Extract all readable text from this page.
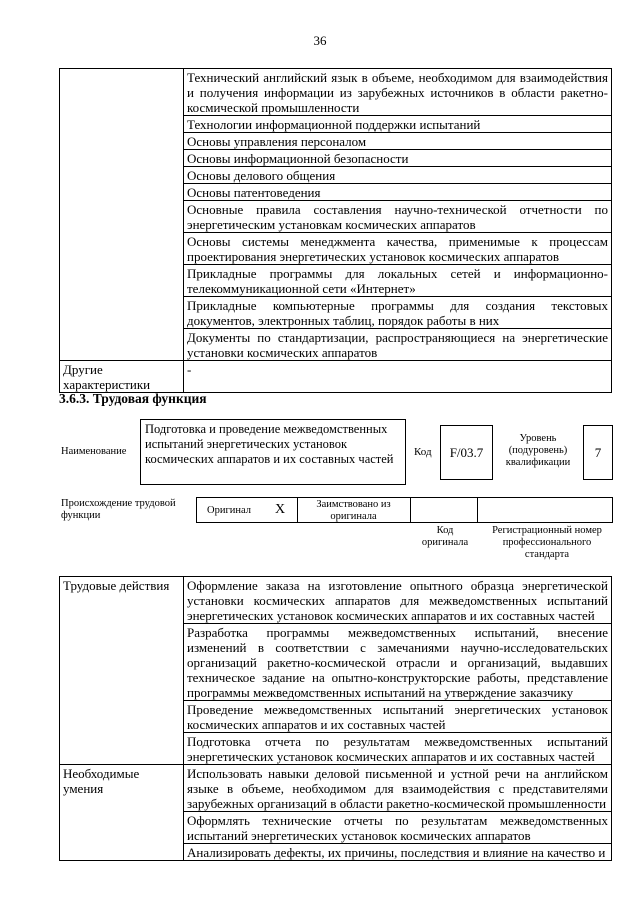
36
	Технический английский язык в объеме, необходимом для взаимодействия и получения информации из зарубежных источников в области ракетно-космической промышленности
	Технологии информационной поддержки испытаний
	Основы управления персоналом
	Основы информационной безопасности
	Основы делового общения
	Основы патентоведения
	Основные правила составления научно-технической отчетности по энергетическим установкам космических аппаратов
	Основы системы менеджмента качества, применимые к процессам проектирования энергетических установок космических аппаратов
	Прикладные программы для локальных сетей и информационно-телекоммуникационной сети «Интернет»
	Прикладные компьютерные программы для создания текстовых документов, электронных таблиц, порядок работы в них
	Документы по стандартизации, распространяющиеся на энергетические установки космических аппаратов
Другие характеристики	-
3.6.3. Трудовая функция
Наименование
Подготовка и проведение межведомственных испытаний энергетических установок космических аппаратов и их составных частей	Код	F/03.7
Уровень (подуровень) квалификации
7
Происхождение трудовой функции	Оригинал X	Заимствовано из оригинала
Код оригинала
Регистрационный номер профессионального стандарта
Трудовые действия	Оформление заказа на изготовление опытного образца энергетической установки космических аппаратов для межведомственных испытаний энергетических установок космических аппаратов и их составных частей
	Разработка программы межведомственных испытаний, внесение изменений в соответствии с замечаниями научно-исследовательских организаций ракетно-космической отрасли и организаций, выдавших техническое задание на опытно-конструкторские работы, представление программы межведомственных испытаний на утверждение заказчику
	Проведение межведомственных испытаний энергетических установок космических аппаратов и их составных частей
	Подготовка отчета по результатам межведомственных испытаний энергетических установок космических аппаратов и их составных частей
Необходимые умения	Использовать навыки деловой письменной и устной речи на английском языке в объеме, необходимом для взаимодействия с представителями зарубежных организаций в области ракетно-космической промышленности
	Оформлять технические отчеты по результатам межведомственных испытаний энергетических установок космических аппаратов
	Анализировать дефекты, их причины, последствия и влияние на качество и
